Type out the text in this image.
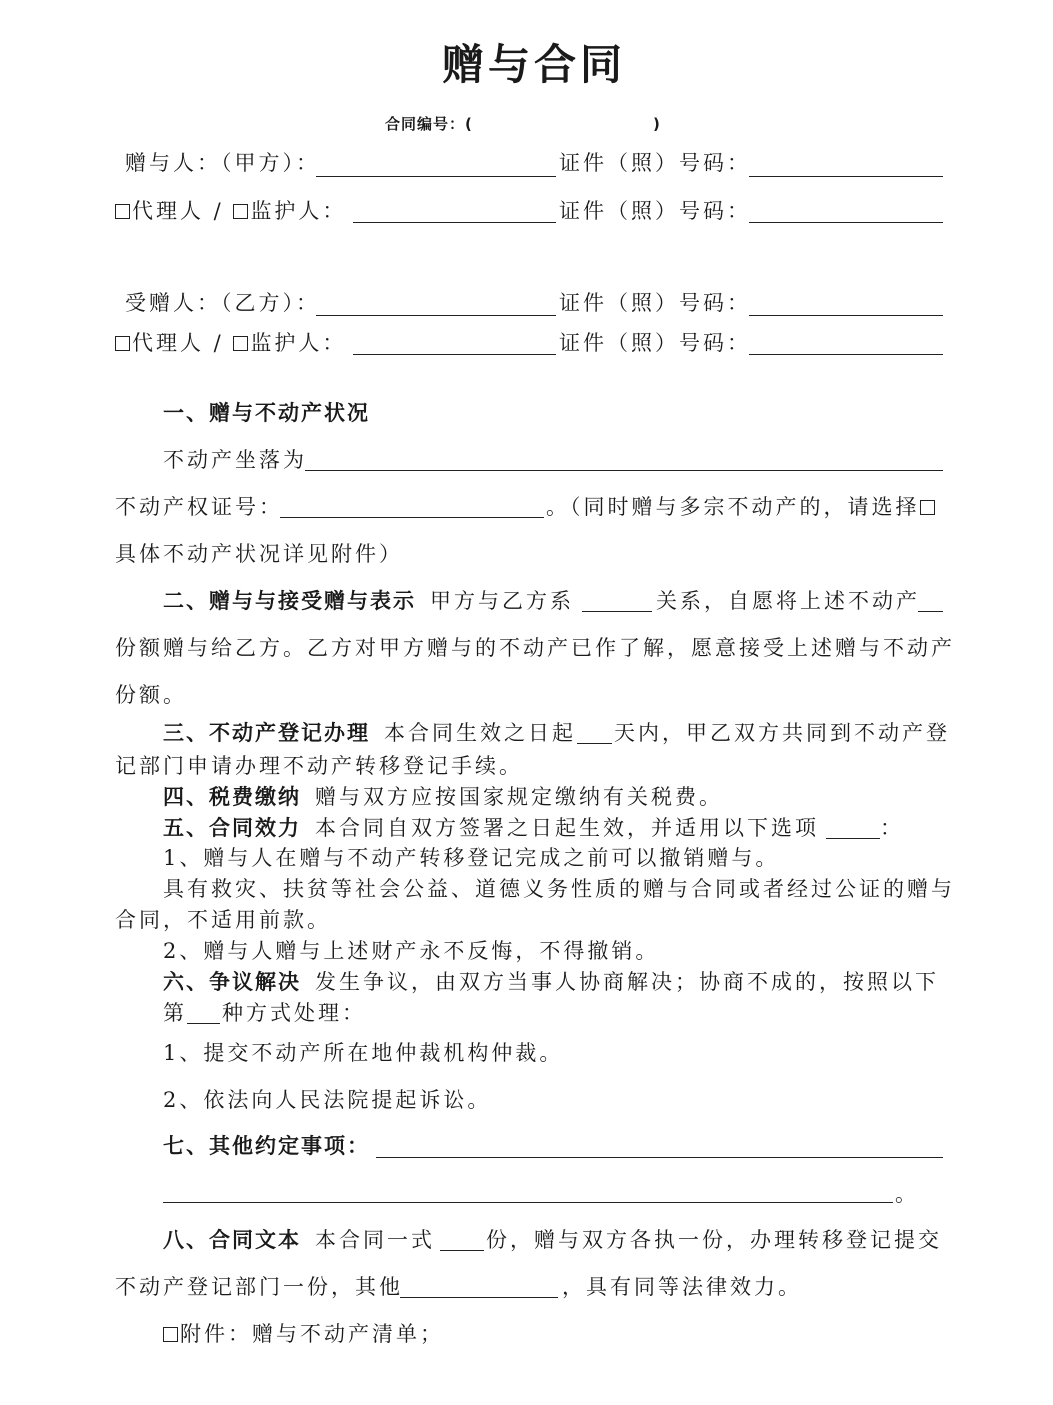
赠与合同
合同编号：(	)
赠与人：（甲方）：	证件（照）号码：
代理人 / 监护人：	证件（照）号码：
受赠人：（乙方）：	证件（照）号码：
代理人 / 监护人：	证件（照）号码：
一、赠与不动产状况
不动产坐落为
不动产权证号：	。（同时赠与多宗不动产的，请选择
具体不动产状况详见附件）
二、赠与与接受赠与表示 甲方与乙方系	关系，自愿将上述不动产
份额赠与给乙方。乙方对甲方赠与的不动产已作了解，愿意接受上述赠与不动产
份额。
三、不动产登记办理 本合同生效之日起 天内，甲乙双方共同到不动产登
记部门申请办理不动产转移登记手续。
四、税费缴纳 赠与双方应按国家规定缴纳有关税费。
五、合同效力 本合同自双方签署之日起生效，并适用以下选项	：
1、赠与人在赠与不动产转移登记完成之前可以撤销赠与。
具有救灾、扶贫等社会公益、道德义务性质的赠与合同或者经过公证的赠与
合同，不适用前款。
2、赠与人赠与上述财产永不反悔，不得撤销。
六、争议解决 发生争议，由双方当事人协商解决；协商不成的，按照以下
第 种方式处理：
1、提交不动产所在地仲裁机构仲裁。
2、依法向人民法院提起诉讼。
七、其他约定事项：
。
八、合同文本 本合同一式 份，赠与双方各执一份，办理转移登记提交
不动产登记部门一份，其他	，具有同等法律效力。
附件：赠与不动产清单；
